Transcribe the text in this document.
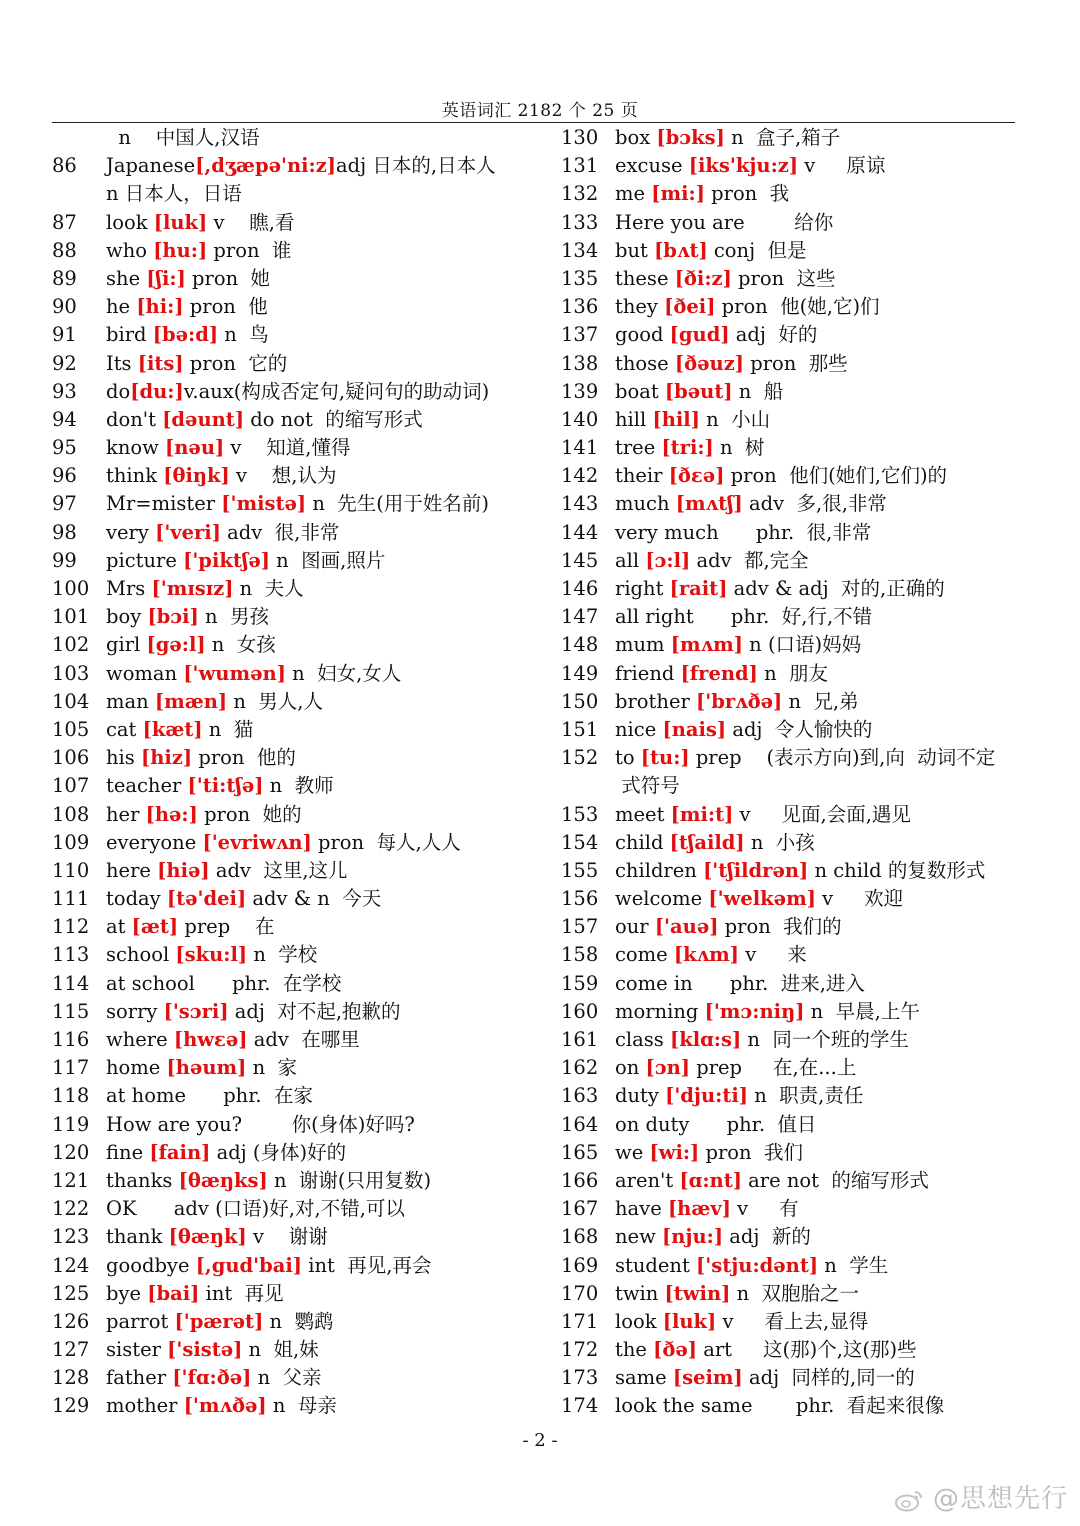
英语词汇 2182 个 25 页
n    中国人,汉语
86	Japanese[,dʒæpə'ni:z]adj 日本的,日本人
n 日本人，日语
87	look [luk] v    瞧,看
88	who [hu:] pron  谁
89	she [ʃi:] pron  她
90	he [hi:] pron  他
91	bird [bə:d] n  鸟
92	Its [its] pron  它的
93	do[du:]v.aux(构成否定句,疑问句的助动词)
94	don't [dəunt] do not  的缩写形式
95	know [nəu] v    知道,懂得
96	think [θiŋk] v    想,认为
97	Mr=mister ['mistə] n  先生(用于姓名前)
98	very ['veri] adv  很,非常
99	picture ['piktʃə] n  图画,照片
100 Mrs ['mɪsɪz] n  夫人
101 boy [bɔi] n  男孩
102 girl [gə:l] n  女孩
103 woman ['wumən] n  妇女,女人
104 man [mæn] n  男人,人
105 cat [kæt] n  猫
106 his [hiz] pron  他的
107 teacher ['ti:tʃə] n  教师
108 her [hə:] pron  她的
109 everyone ['evriwʌn] pron  每人,人人
110 here [hiə] adv  这里,这儿
111 today [tə'dei] adv & n  今天
112 at [æt] prep    在
113 school [sku:l] n  学校
114 at school      phr.  在学校
115 sorry ['sɔri] adj  对不起,抱歉的
116 where [hwɛə] adv  在哪里
117 home [həum] n  家
118 at home      phr.  在家
119 How are you?        你(身体)好吗?
120 fine [fain] adj (身体)好的
121 thanks [θæŋks] n  谢谢(只用复数)
122 OK      adv (口语)好,对,不错,可以
123 thank [θæŋk] v    谢谢
124 goodbye [,gud'bai] int  再见,再会
125 bye [bai] int  再见
126 parrot ['pærət] n  鹦鹉
127 sister ['sistə] n  姐,妹
128 father ['fɑ:ðə] n  父亲
129 mother ['mʌðə] n  母亲
130 box [bɔks] n  盒子,箱子
131 excuse [iks'kju:z] v     原谅
132 me [mi:] pron  我
133 Here you are        给你
134 but [bʌt] conj  但是
135 these [ði:z] pron  这些
136 they [ðei] pron  他(她,它)们
137 good [gud] adj  好的
138 those [ðəuz] pron  那些
139 boat [bəut] n  船
140 hill [hil] n  小山
141 tree [tri:] n  树
142 their [ðɛə] pron  他们(她们,它们)的
143 much [mʌtʃ] adv  多,很,非常
144 very much      phr.  很,非常
145 all [ɔ:l] adv  都,完全
146 right [rait] adv & adj  对的,正确的
147 all right      phr.  好,行,不错
148 mum [mʌm] n (口语)妈妈
149 friend [frend] n  朋友
150 brother ['brʌðə] n  兄,弟
151 nice [nais] adj  令人愉快的
152 to [tu:] prep    (表示方向)到,向  动词不定
式符号
153 meet [mi:t] v     见面,会面,遇见
154 child [tʃaild] n  小孩
155 children ['tʃildrən] n child 的复数形式
156 welcome ['welkəm] v     欢迎
157 our ['auə] pron  我们的
158 come [kʌm] v     来
159 come in      phr.  进来,进入
160 morning ['mɔ:niŋ] n  早晨,上午
161 class [klɑ:s] n  同一个班的学生
162 on [ɔn] prep     在,在...上
163 duty ['dju:ti] n  职责,责任
164 on duty      phr.  值日
165 we [wi:] pron  我们
166 aren't [ɑ:nt] are not  的缩写形式
167 have [hæv] v     有
168 new [nju:] adj  新的
169 student ['stju:dənt] n  学生
170 twin [twin] n  双胞胎之一
171 look [luk] v     看上去,显得
172 the [ðə] art     这(那)个,这(那)些
173 same [seim] adj  同样的,同一的
174 look the same       phr.  看起来很像
- 2 -
@思想先行
